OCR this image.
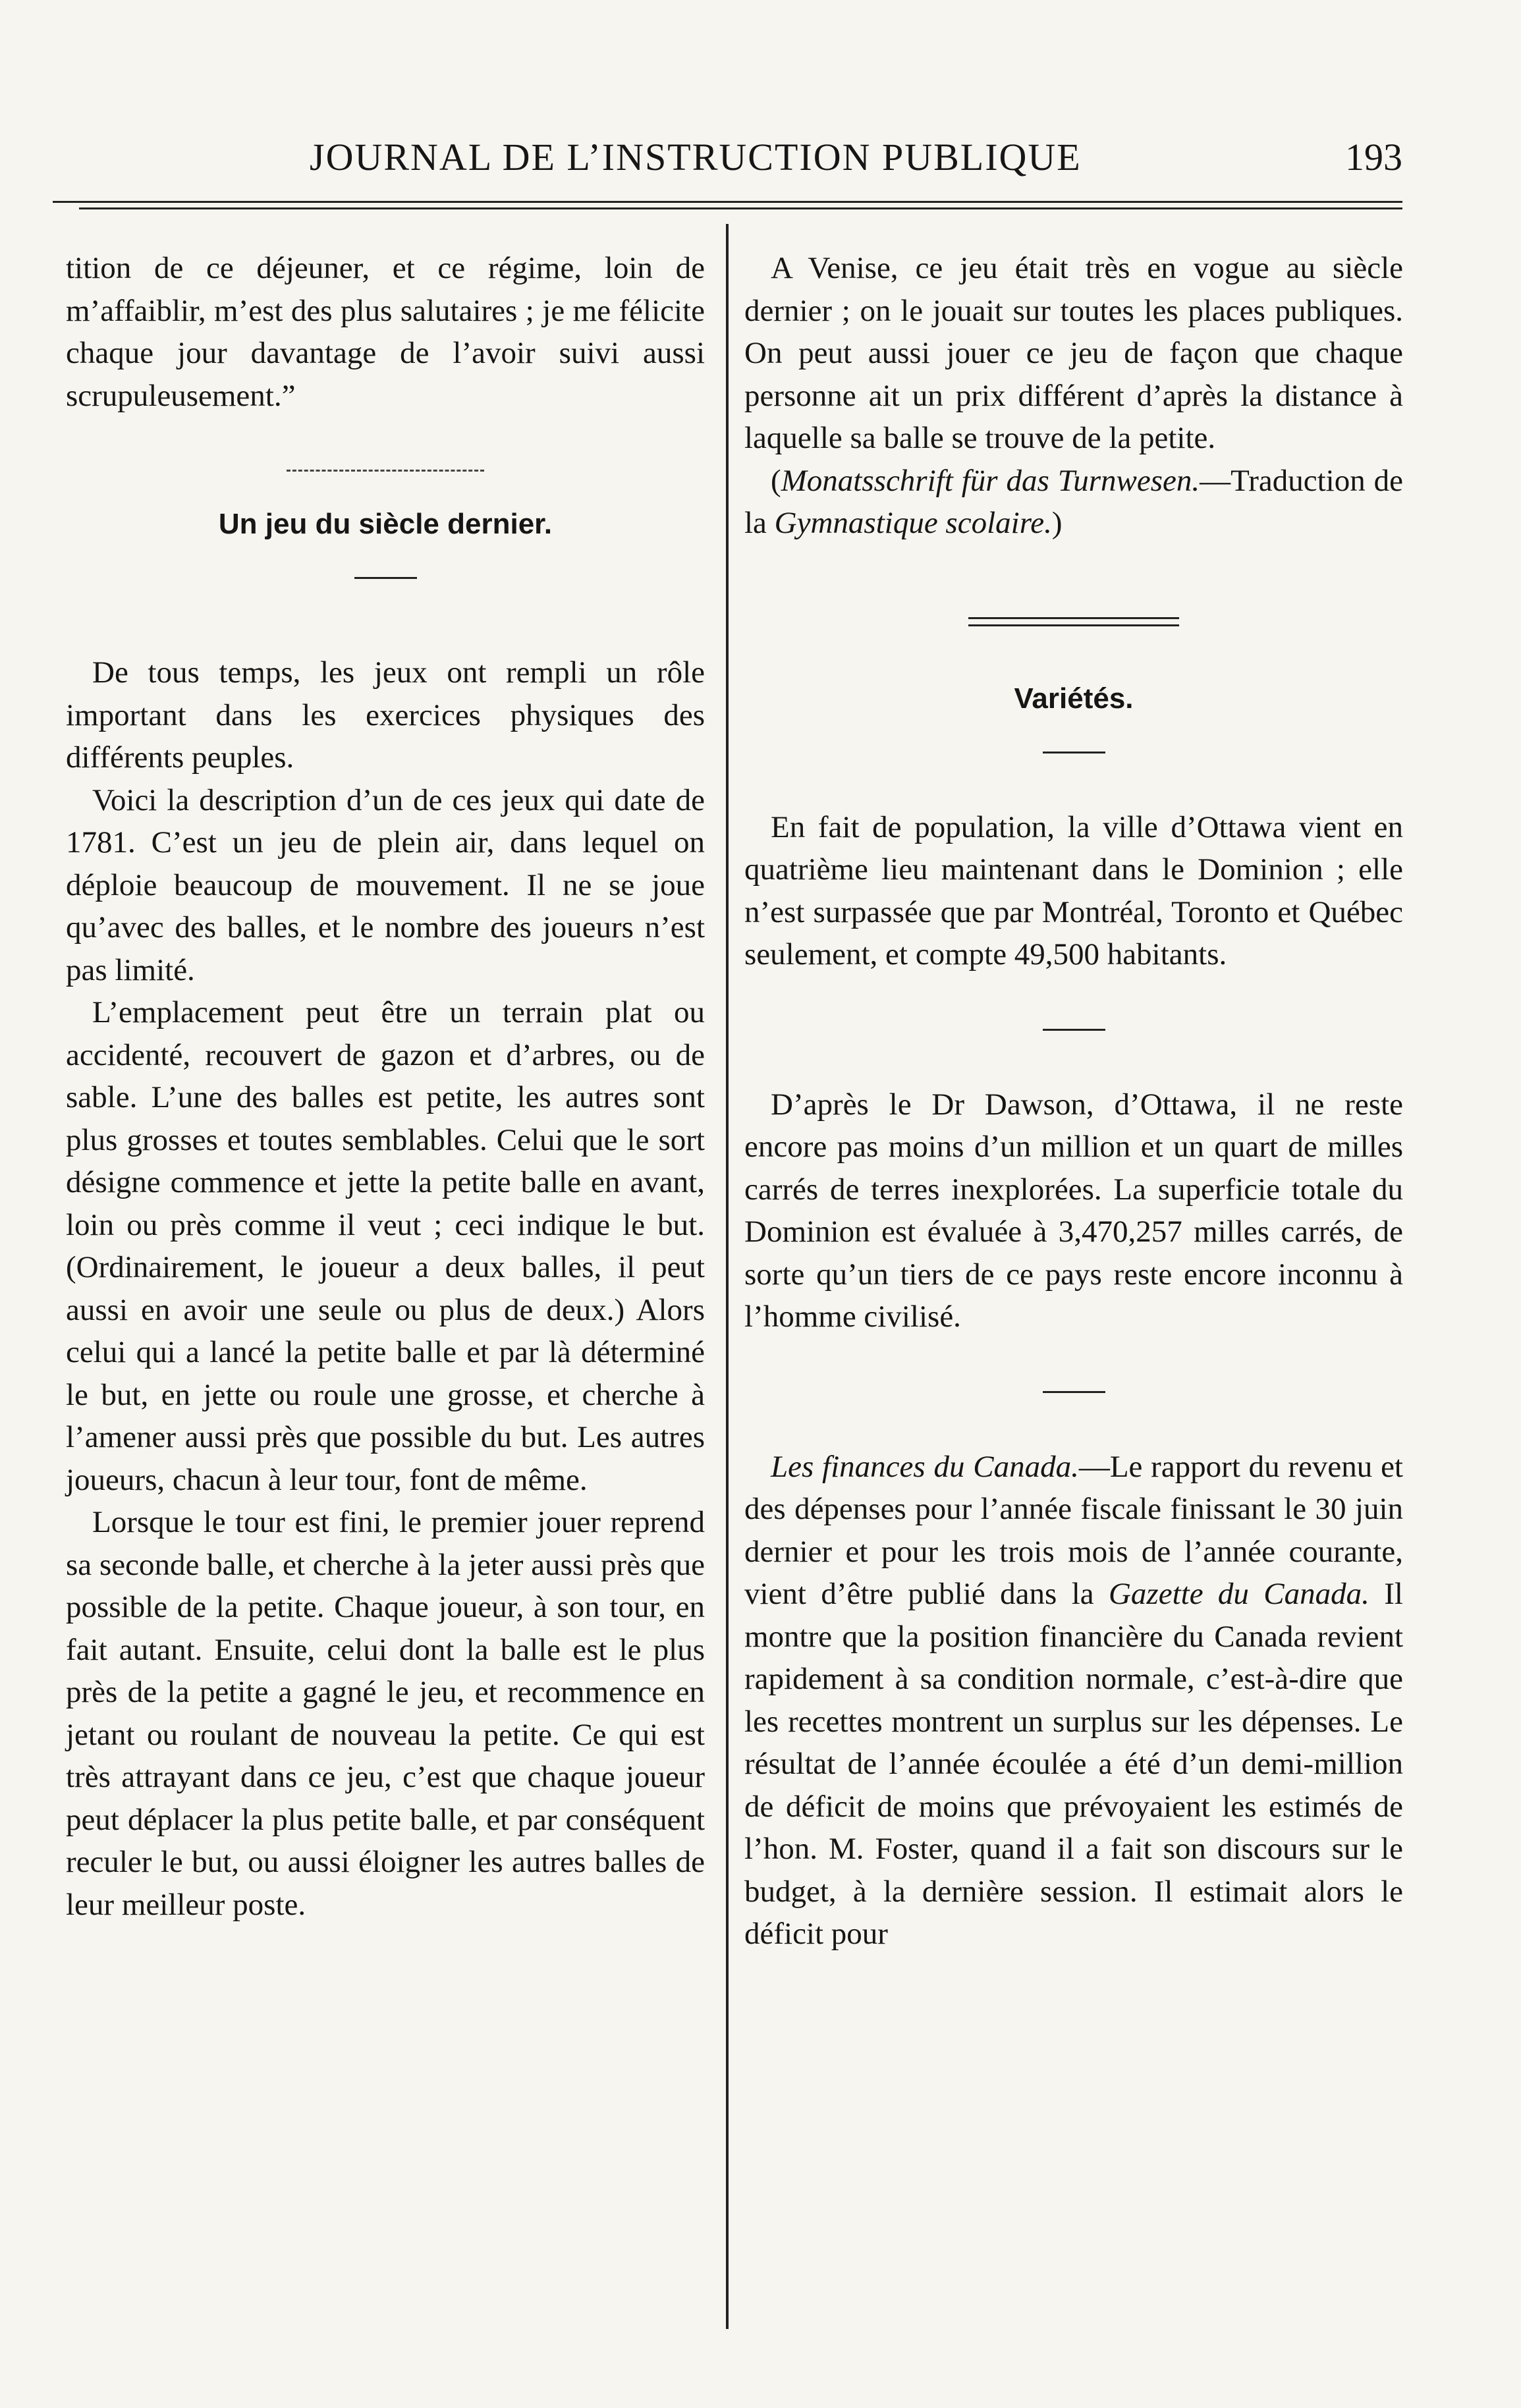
JOURNAL DE L’INSTRUCTION PUBLIQUE	193

tition de ce déjeuner, et ce régime, loin de m’affaiblir, m’est des plus salutaires ; je me félicite chaque jour davantage de l’avoir suivi aussi scrupuleusement.”

Un jeu du siècle dernier.

De tous temps, les jeux ont rempli un rôle important dans les exercices physiques des différents peuples.

Voici la description d’un de ces jeux qui date de 1781. C’est un jeu de plein air, dans lequel on déploie beaucoup de mouvement. Il ne se joue qu’avec des balles, et le nombre des joueurs n’est pas limité.

L’emplacement peut être un terrain plat ou accidenté, recouvert de gazon et d’arbres, ou de sable. L’une des balles est petite, les autres sont plus grosses et toutes semblables. Celui que le sort désigne commence et jette la petite balle en avant, loin ou près comme il veut ; ceci indique le but. (Ordinairement, le joueur a deux balles, il peut aussi en avoir une seule ou plus de deux.) Alors celui qui a lancé la petite balle et par là déterminé le but, en jette ou roule une grosse, et cherche à l’amener aussi près que possible du but. Les autres joueurs, chacun à leur tour, font de même.

Lorsque le tour est fini, le premier jouer reprend sa seconde balle, et cherche à la jeter aussi près que possible de la petite. Chaque joueur, à son tour, en fait autant. Ensuite, celui dont la balle est le plus près de la petite a gagné le jeu, et recommence en jetant ou roulant de nouveau la petite. Ce qui est très attrayant dans ce jeu, c’est que chaque joueur peut déplacer la plus petite balle, et par conséquent reculer le but, ou aussi éloigner les autres balles de leur meilleur poste.

A Venise, ce jeu était très en vogue au siècle dernier ; on le jouait sur toutes les places publiques. On peut aussi jouer ce jeu de façon que chaque personne ait un prix différent d’après la distance à laquelle sa balle se trouve de la petite.

(Monatsschrift für das Turnwesen.—Traduction de la Gymnastique scolaire.)

Variétés.

En fait de population, la ville d’Ottawa vient en quatrième lieu maintenant dans le Dominion ; elle n’est surpassée que par Montréal, Toronto et Québec seulement, et compte 49,500 habitants.

D’après le Dr Dawson, d’Ottawa, il ne reste encore pas moins d’un million et un quart de milles carrés de terres inexplorées. La superficie totale du Dominion est évaluée à 3,470,257 milles carrés, de sorte qu’un tiers de ce pays reste encore inconnu à l’homme civilisé.

Les finances du Canada.—Le rapport du revenu et des dépenses pour l’année fiscale finissant le 30 juin dernier et pour les trois mois de l’année courante, vient d’être publié dans la Gazette du Canada. Il montre que la position financière du Canada revient rapidement à sa condition normale, c’est-à-dire que les recettes montrent un surplus sur les dépenses. Le résultat de l’année écoulée a été d’un demi-million de déficit de moins que prévoyaient les estimés de l’hon. M. Foster, quand il a fait son discours sur le budget, à la dernière session. Il estimait alors le déficit pour
